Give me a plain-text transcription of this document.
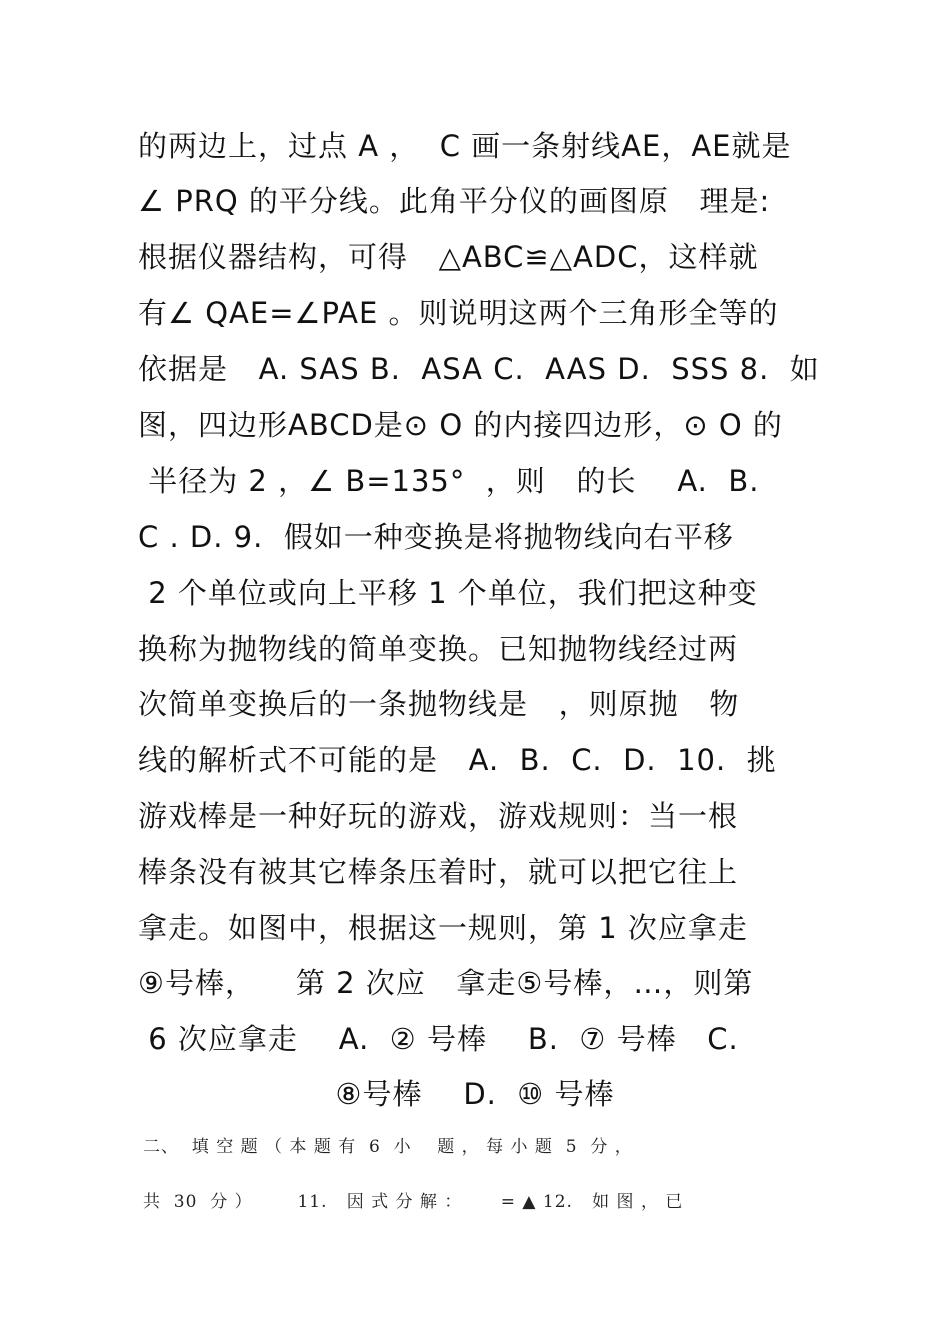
的两边上，过点 A ，  C 画一条射线AE，AE就是
∠ PRQ 的平分线。此角平分仪的画图原   理是:
根据仪器结构，可得   △ABC≌△ADC，这样就
有∠ QAE=∠PAE 。则说明这两个三角形全等的
依据是   A. SAS B.  ASA C.  AAS D.  SSS 8.  如
图，四边形ABCD是⊙ O 的内接四边形，⊙ O 的
半径为 2 ，∠ B=135°  ，则   的长    A.  B.
C . D. 9.  假如一种变换是将抛物线向右平移
2 个单位或向上平移 1 个单位，我们把这种变
换称为抛物线的简单变换。已知抛物线经过两
次简单变换后的一条抛物线是   ，则原抛   物
线的解析式不可能的是   A.  B.  C.  D.  10.  挑
游戏棒是一种好玩的游戏，游戏规则：当一根
棒条没有被其它棒条压着时，就可以把它往上
拿走。如图中，根据这一规则，第 1 次应拿走
⑨号棒，    第 2 次应   拿走⑤号棒，…，则第
6 次应拿走    A.  ② 号棒    B.  ⑦ 号棒   C.
⑧号棒    D.  ⑩ 号棒
二、  填 空 题 （ 本 题 有  6  小    题 ， 每 小 题  5  分 ，
共  30  分 ）       11.   因 式 分 解 ：      = ▲ 12.   如 图 ， 已
